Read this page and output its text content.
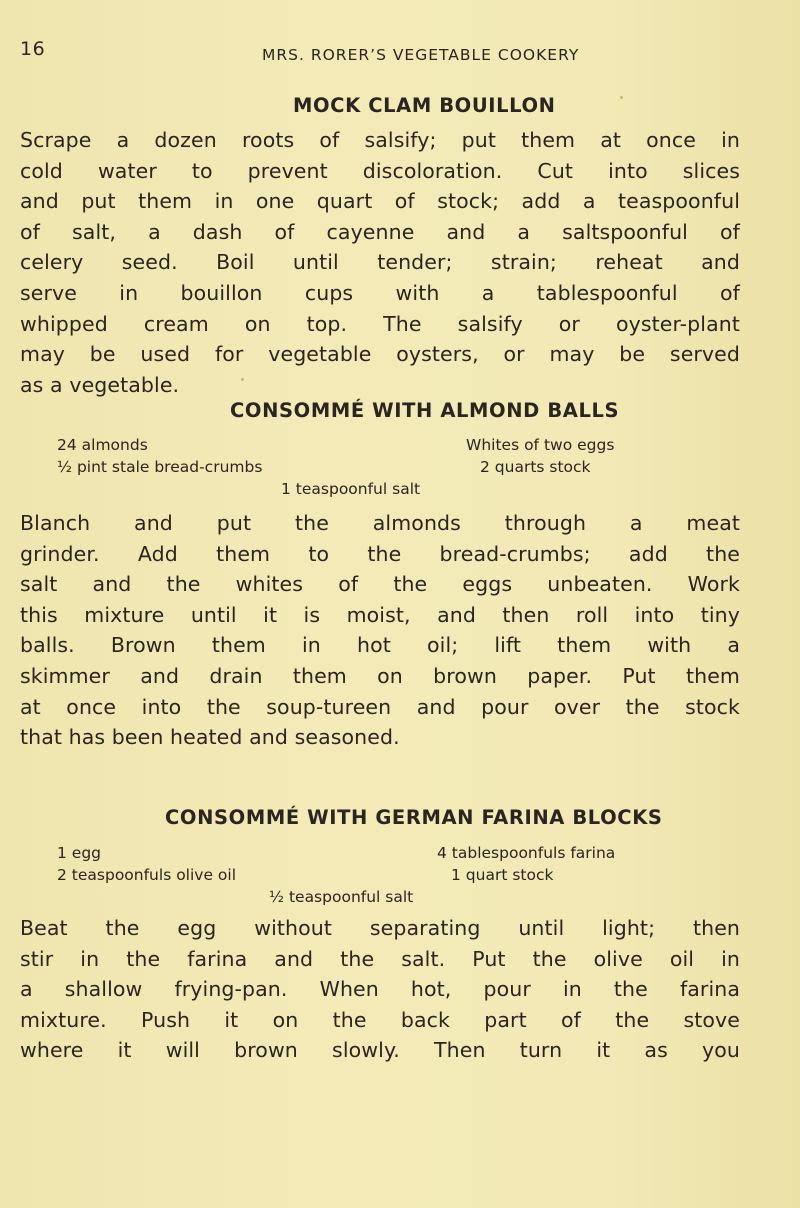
16	MRS. RORER’S VEGETABLE COOKERY
MOCK CLAM BOUILLON
Scrape a dozen roots of salsify; put them at once in
cold water to prevent discoloration. Cut into slices
and put them in one quart of stock; add a teaspoonful
of salt, a dash of cayenne and a saltspoonful of
celery seed. Boil until tender; strain; reheat and
serve in bouillon cups with a tablespoonful of
whipped cream on top. The salsify or oyster-plant
may be used for vegetable oysters, or may be served
as a vegetable.
CONSOMMÉ WITH ALMOND BALLS
24 almonds	Whites of two eggs
½ pint stale bread-crumbs	2 quarts stock
1 teaspoonful salt
Blanch and put the almonds through a meat
grinder. Add them to the bread-crumbs; add the
salt and the whites of the eggs unbeaten. Work
this mixture until it is moist, and then roll into tiny
balls. Brown them in hot oil; lift them with a
skimmer and drain them on brown paper. Put them
at once into the soup-tureen and pour over the stock
that has been heated and seasoned.
CONSOMMÉ WITH GERMAN FARINA BLOCKS
1 egg	4 tablespoonfuls farina
2 teaspoonfuls olive oil	1 quart stock
½ teaspoonful salt
Beat the egg without separating until light; then
stir in the farina and the salt. Put the olive oil in
a shallow frying-pan. When hot, pour in the farina
mixture. Push it on the back part of the stove
where it will brown slowly. Then turn it as you
